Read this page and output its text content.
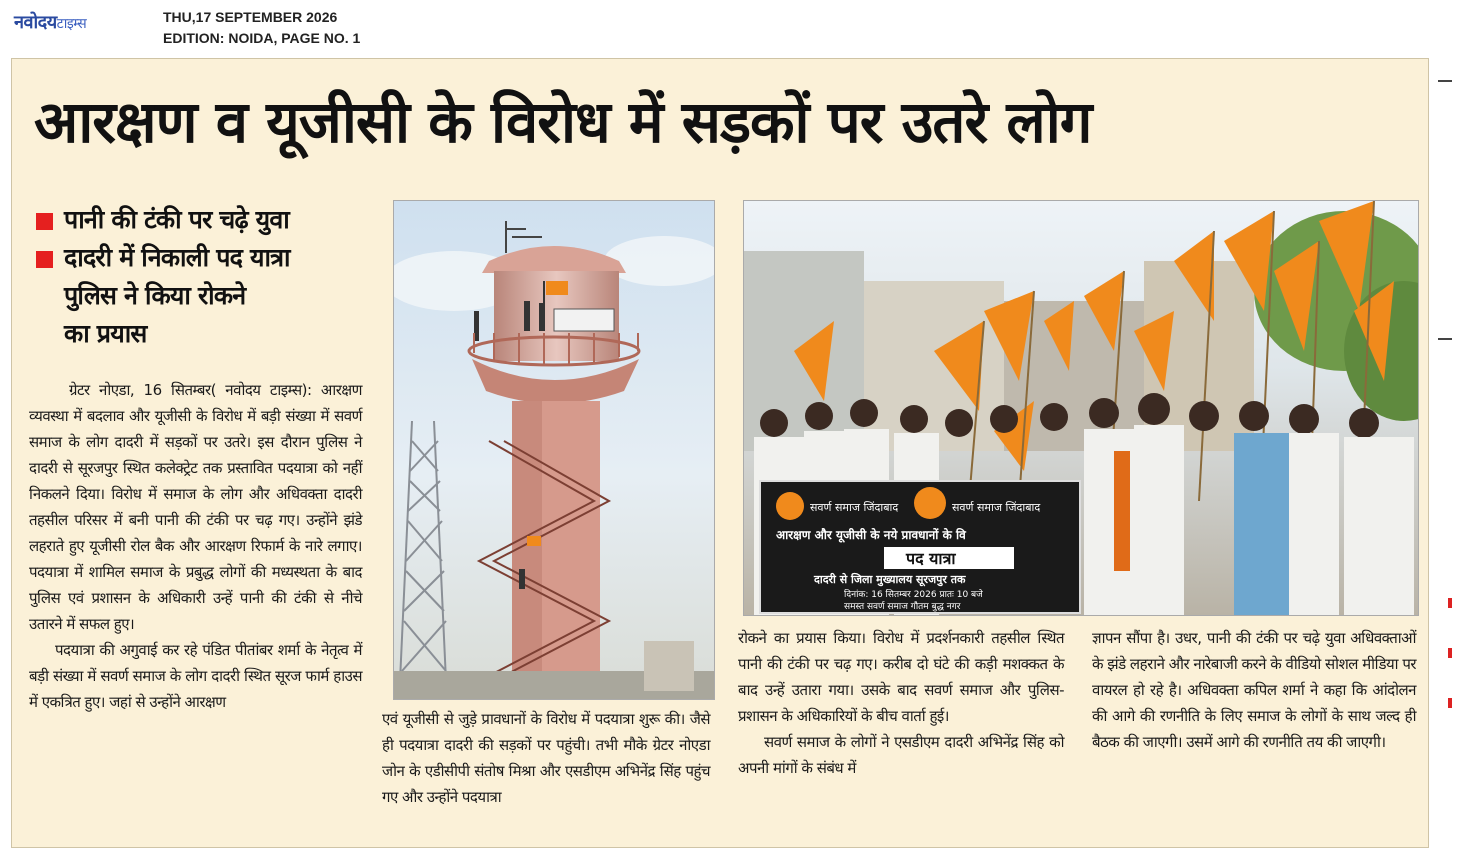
नवोदयटाइम्स	THU,17 SEPTEMBER 2026
EDITION: NOIDA, PAGE NO. 1
आरक्षण व यूजीसी के विरोध में सड़कों पर उतरे लोग
पानी की टंकी पर चढ़े युवा
दादरी में निकाली पद यात्रा
पुलिस ने किया रोकने
का प्रयास

ग्रेटर नोएडा, 16 सितम्बर( नवोदय टाइम्स): आरक्षण व्यवस्था में बदलाव और यूजीसी के विरोध में बड़ी संख्या में सवर्ण समाज के लोग दादरी में सड़कों पर उतरे। इस दौरान पुलिस ने दादरी से सूरजपुर स्थित कलेक्ट्रेट तक प्रस्तावित पदयात्रा को नहीं निकलने दिया। विरोध में समाज के लोग और अधिवक्ता दादरी तहसील परिसर में बनी पानी की टंकी पर चढ़ गए। उन्होंने झंडे लहराते हुए यूजीसी रोल बैक और आरक्षण रिफार्म के नारे लगाए। पदयात्रा में शामिल समाज के प्रबुद्ध लोगों की मध्यस्थता के बाद पुलिस एवं प्रशासन के अधिकारी उन्हें पानी की टंकी से नीचे उतारने में सफल हुए।

पदयात्रा की अगुवाई कर रहे पंडित पीतांबर शर्मा के नेतृत्व में बड़ी संख्या में सवर्ण समाज के लोग दादरी स्थित सूरज फार्म हाउस में एकत्रित हुए। जहां से उन्होंने आरक्षण

सवर्ण समाज जिंदाबाद	सवर्ण समाज जिंदाबाद
आरक्षण और यूजीसी के नये प्रावधानों के वि
पद यात्रा
दादरी से जिला मुख्यालय सूरजपुर तक
दिनांक: 16 सितम्बर 2026 प्रातः 10 बजे
समस्त सवर्ण समाज गौतम बुद्ध नगर

एवं यूजीसी से जुड़े प्रावधानों के विरोध में पदयात्रा शुरू की। जैसे ही पदयात्रा दादरी की सड़कों पर पहुंची। तभी मौके ग्रेटर नोएडा जोन के एडीसीपी संतोष मिश्रा और एसडीएम अभिनेंद्र सिंह पहुंच गए और उन्होंने पदयात्रा

रोकने का प्रयास किया। विरोध में प्रदर्शनकारी तहसील स्थित पानी की टंकी पर चढ़ गए। करीब दो घंटे की कड़ी मशक्कत के बाद उन्हें उतारा गया। उसके बाद सवर्ण समाज और पुलिस-प्रशासन के अधिकारियों के बीच वार्ता हुई।

सवर्ण समाज के लोगों ने एसडीएम दादरी अभिनेंद्र सिंह को अपनी मांगों के संबंध में

ज्ञापन सौंपा है। उधर, पानी की टंकी पर चढ़े युवा अधिवक्ताओं के झंडे लहराने और नारेबाजी करने के वीडियो सोशल मीडिया पर वायरल हो रहे है। अधिवक्ता कपिल शर्मा ने कहा कि आंदोलन की आगे की रणनीति के लिए समाज के लोगों के साथ जल्द ही बैठक की जाएगी। उसमें आगे की रणनीति तय की जाएगी।
